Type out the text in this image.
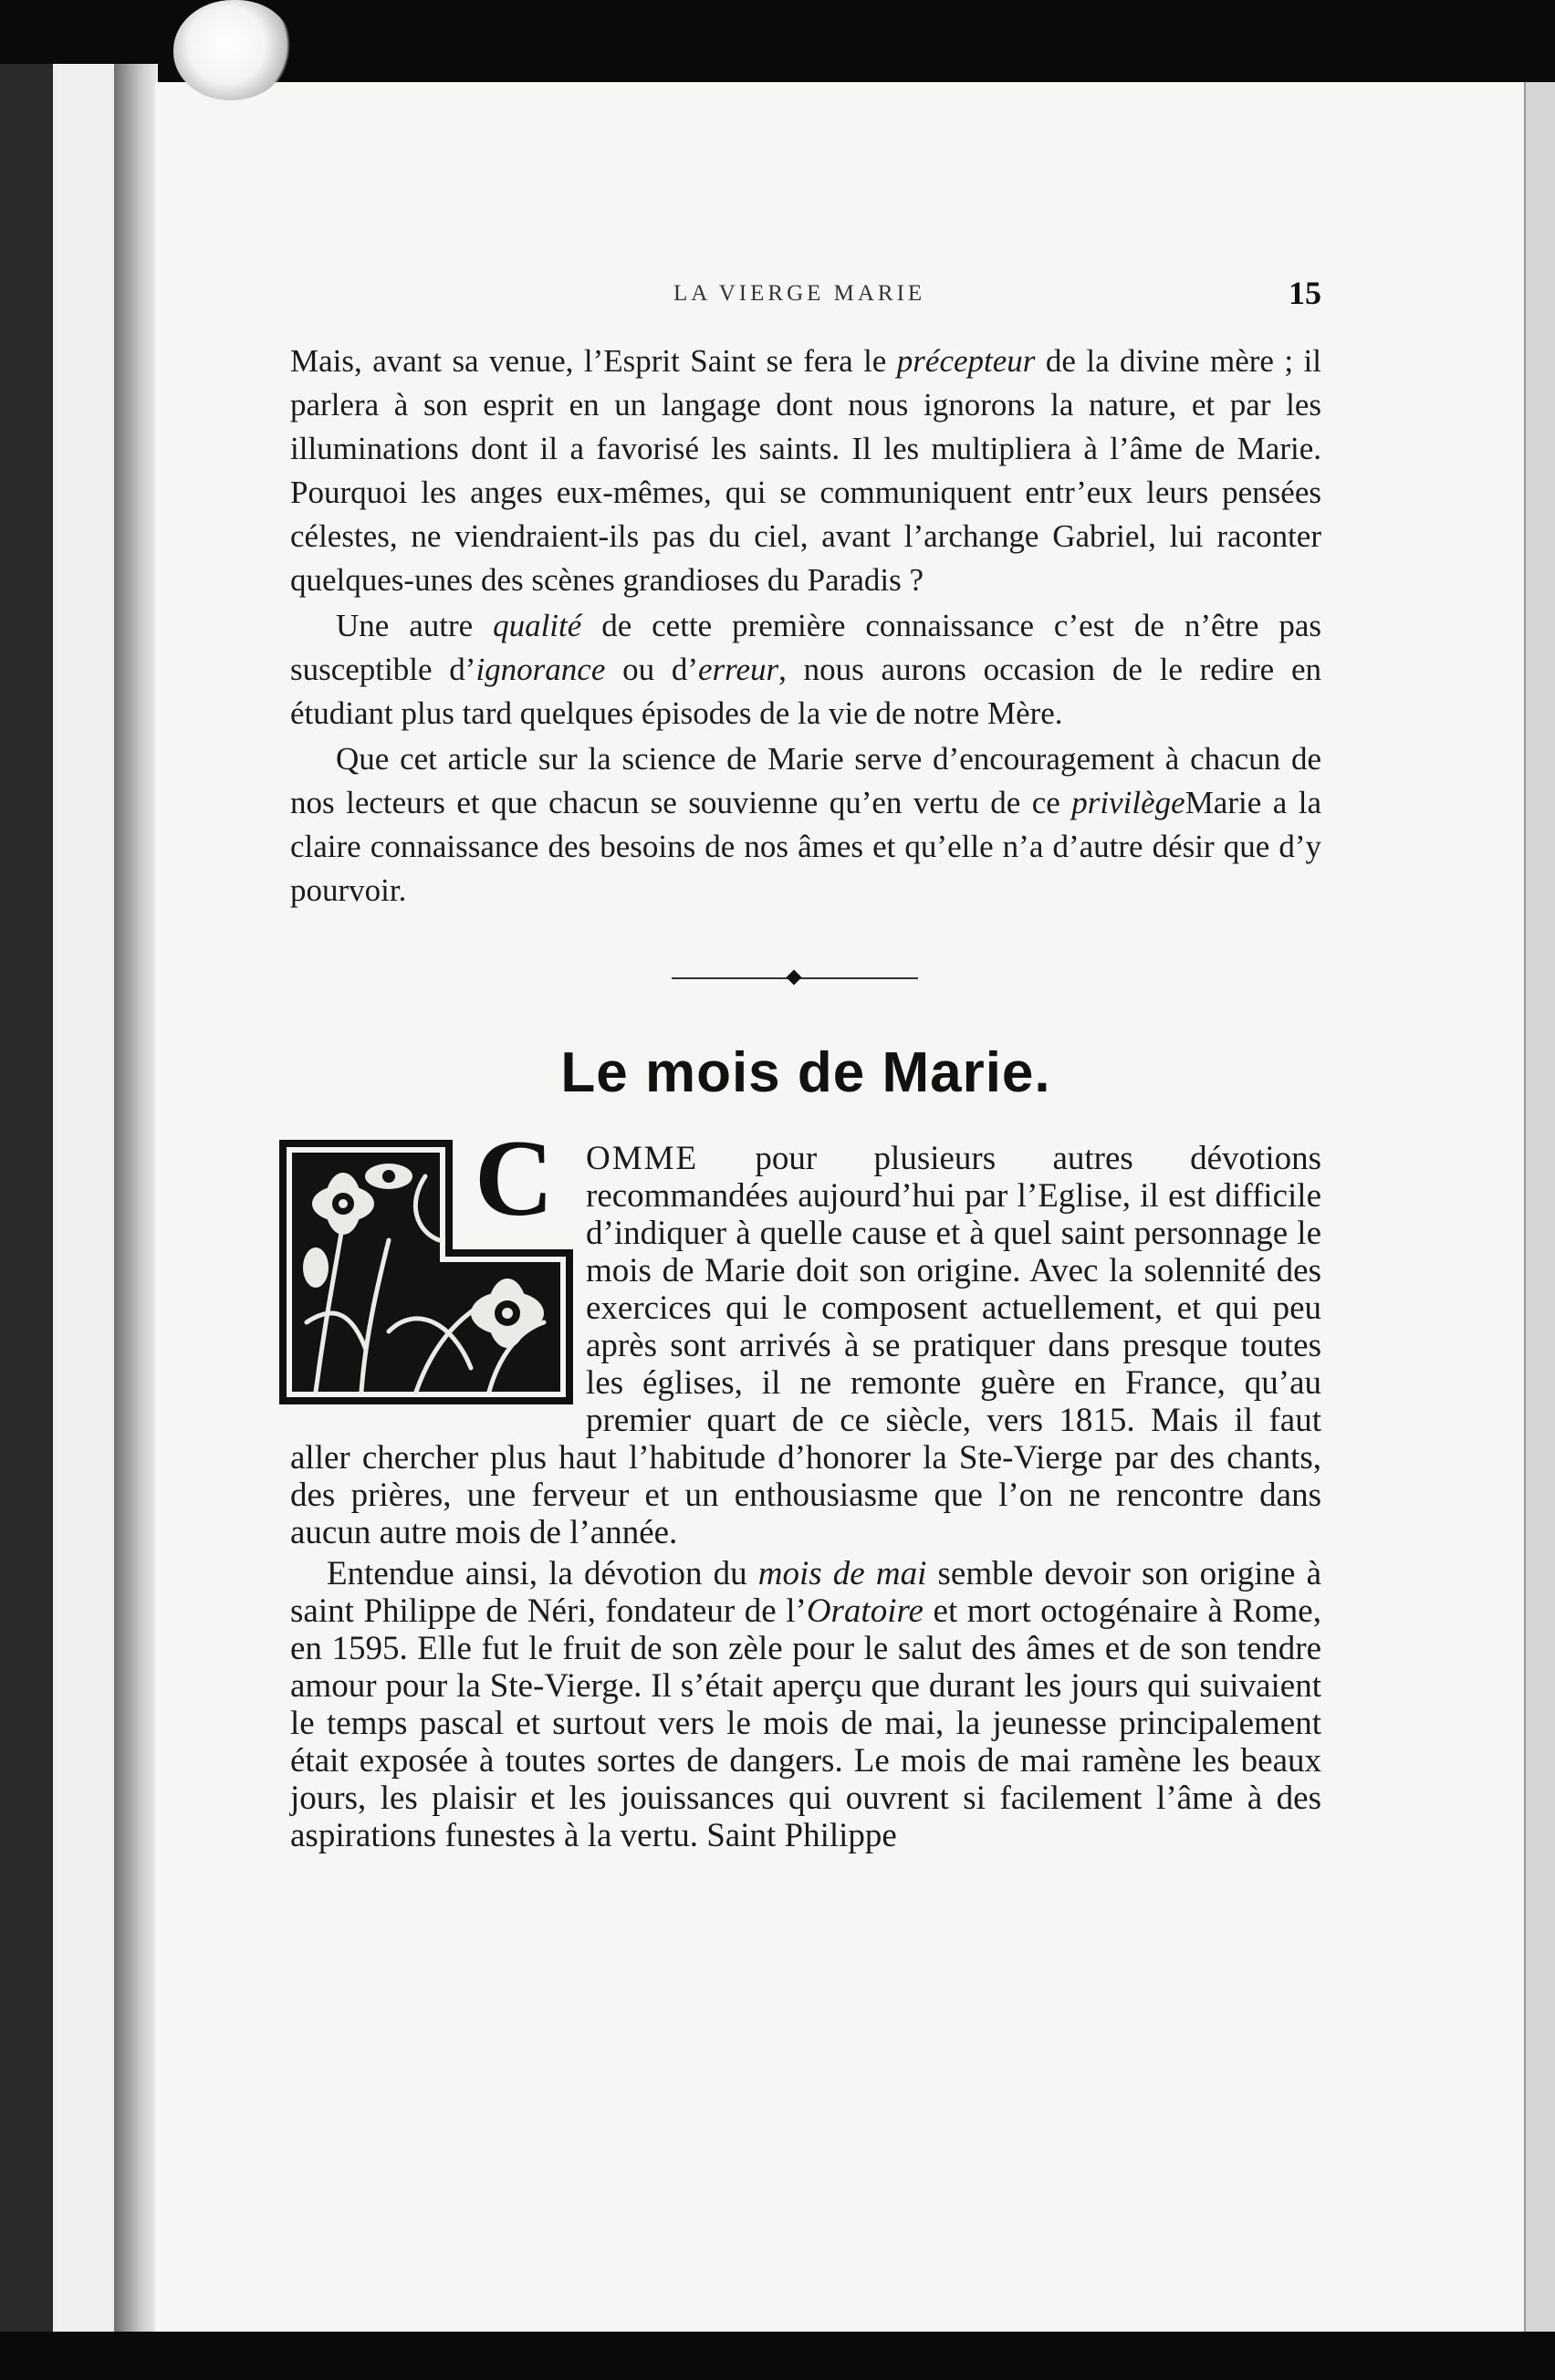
LA VIERGE MARIE	15

Mais, avant sa venue, l’Esprit Saint se fera le précepteur de la divine mère ; il parlera à son esprit en un langage dont nous ignorons la nature, et par les illuminations dont il a favorisé les saints. Il les multipliera à l’âme de Marie. Pourquoi les anges eux-mêmes, qui se communiquent entr’eux leurs pensées célestes, ne viendraient-ils pas du ciel, avant l’archange Gabriel, lui raconter quelques-unes des scènes grandioses du Paradis ?

Une autre qualité de cette première connaissance c’est de n’être pas susceptible d’ignorance ou d’erreur, nous aurons occasion de le redire en étudiant plus tard quelques épisodes de la vie de notre Mère.

Que cet article sur la science de Marie serve d’encouragement à chacun de nos lecteurs et que chacun se souvienne qu’en vertu de ce privilègeMarie a la claire connaissance des besoins de nos âmes et qu’elle n’a d’autre désir que d’y pourvoir.

Le mois de Marie.
C OMME pour plusieurs autres dévotions recommandées aujourd’hui par l’Eglise, il est difficile d’indiquer à quelle cause et à quel saint personnage le mois de Marie doit son origine. Avec la solennité des exercices qui le composent actuellement, et qui peu après sont arrivés à se pratiquer dans presque toutes les églises, il ne remonte guère en France, qu’au premier quart de ce siècle, vers 1815. Mais il faut aller chercher plus haut l’habitude d’honorer la Ste-Vierge par des chants, des prières, une ferveur et un enthousiasme que l’on ne rencontre dans aucun autre mois de l’année.

Entendue ainsi, la dévotion du mois de mai semble devoir son origine à saint Philippe de Néri, fondateur de l’Oratoire et mort octogénaire à Rome, en 1595. Elle fut le fruit de son zèle pour le salut des âmes et de son tendre amour pour la Ste-Vierge. Il s’était aperçu que durant les jours qui suivaient le temps pascal et surtout vers le mois de mai, la jeunesse principalement était exposée à toutes sortes de dangers. Le mois de mai ramène les beaux jours, les plaisir et les jouissances qui ouvrent si facilement l’âme à des aspirations funestes à la vertu. Saint Philippe
